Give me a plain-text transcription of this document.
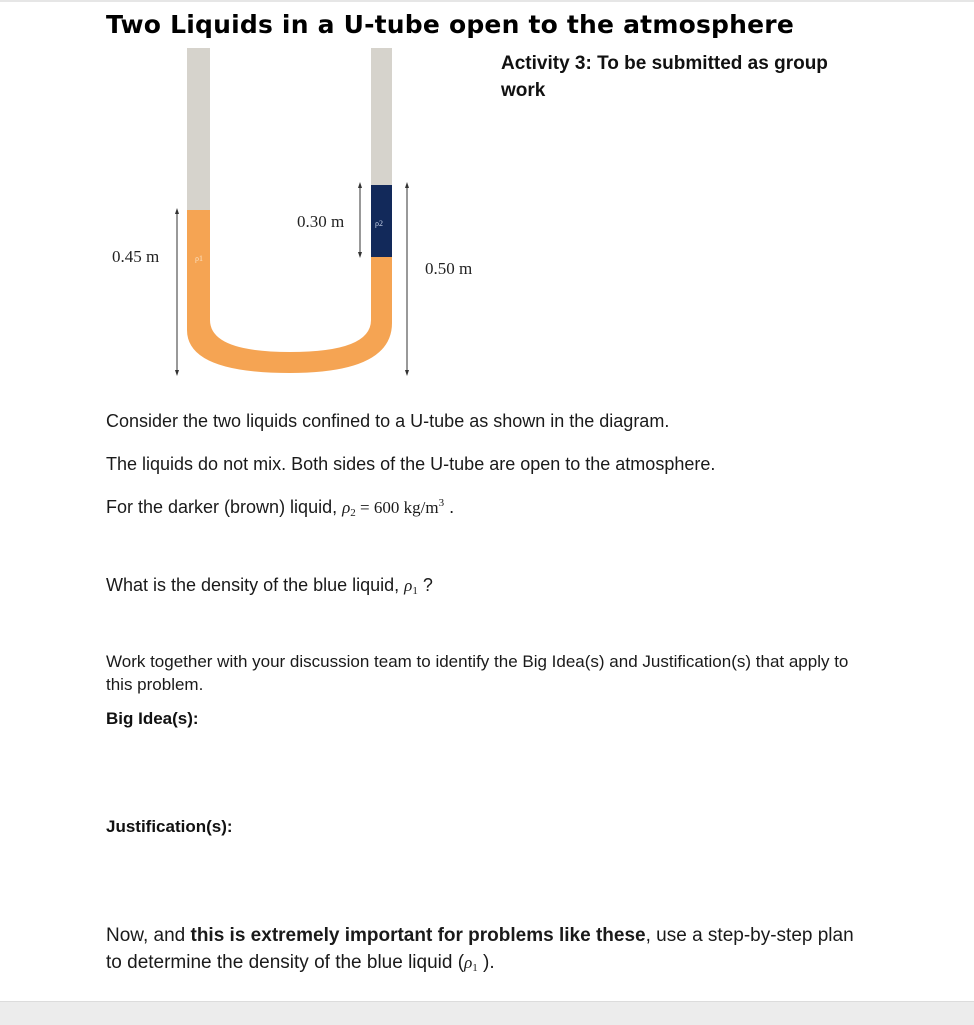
Two Liquids in a U-tube open to the atmosphere

Activity 3: To be submitted as group work

ρ1
ρ2
0.45 m
0.30 m
0.50 m

Consider the two liquids confined to a U-tube as shown in the diagram.

The liquids do not mix. Both sides of the U-tube are open to the atmosphere.

For the darker (brown) liquid, $\rho_2 = 600$ $kg/m^3$ .

What is the density of the blue liquid, $\rho_1$ ?

Work together with your discussion team to identify the Big Idea(s) and Justification(s) that apply to this problem.

Big Idea(s):

Justification(s):

Now, and this is extremely important for problems like these, use a step-by-step plan to determine the density of the blue liquid ($\rho_1$ ).
